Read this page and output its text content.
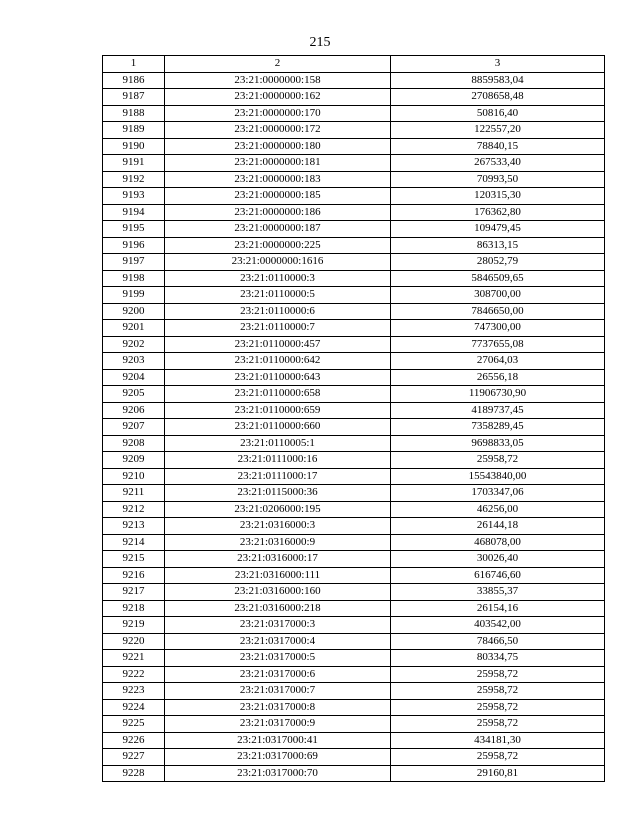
215
1	2	3
9186	23:21:0000000:158	8859583,04
9187	23:21:0000000:162	2708658,48
9188	23:21:0000000:170	50816,40
9189	23:21:0000000:172	122557,20
9190	23:21:0000000:180	78840,15
9191	23:21:0000000:181	267533,40
9192	23:21:0000000:183	70993,50
9193	23:21:0000000:185	120315,30
9194	23:21:0000000:186	176362,80
9195	23:21:0000000:187	109479,45
9196	23:21:0000000:225	86313,15
9197	23:21:0000000:1616	28052,79
9198	23:21:0110000:3	5846509,65
9199	23:21:0110000:5	308700,00
9200	23:21:0110000:6	7846650,00
9201	23:21:0110000:7	747300,00
9202	23:21:0110000:457	7737655,08
9203	23:21:0110000:642	27064,03
9204	23:21:0110000:643	26556,18
9205	23:21:0110000:658	11906730,90
9206	23:21:0110000:659	4189737,45
9207	23:21:0110000:660	7358289,45
9208	23:21:0110005:1	9698833,05
9209	23:21:0111000:16	25958,72
9210	23:21:0111000:17	15543840,00
9211	23:21:0115000:36	1703347,06
9212	23:21:0206000:195	46256,00
9213	23:21:0316000:3	26144,18
9214	23:21:0316000:9	468078,00
9215	23:21:0316000:17	30026,40
9216	23:21:0316000:111	616746,60
9217	23:21:0316000:160	33855,37
9218	23:21:0316000:218	26154,16
9219	23:21:0317000:3	403542,00
9220	23:21:0317000:4	78466,50
9221	23:21:0317000:5	80334,75
9222	23:21:0317000:6	25958,72
9223	23:21:0317000:7	25958,72
9224	23:21:0317000:8	25958,72
9225	23:21:0317000:9	25958,72
9226	23:21:0317000:41	434181,30
9227	23:21:0317000:69	25958,72
9228	23:21:0317000:70	29160,81
